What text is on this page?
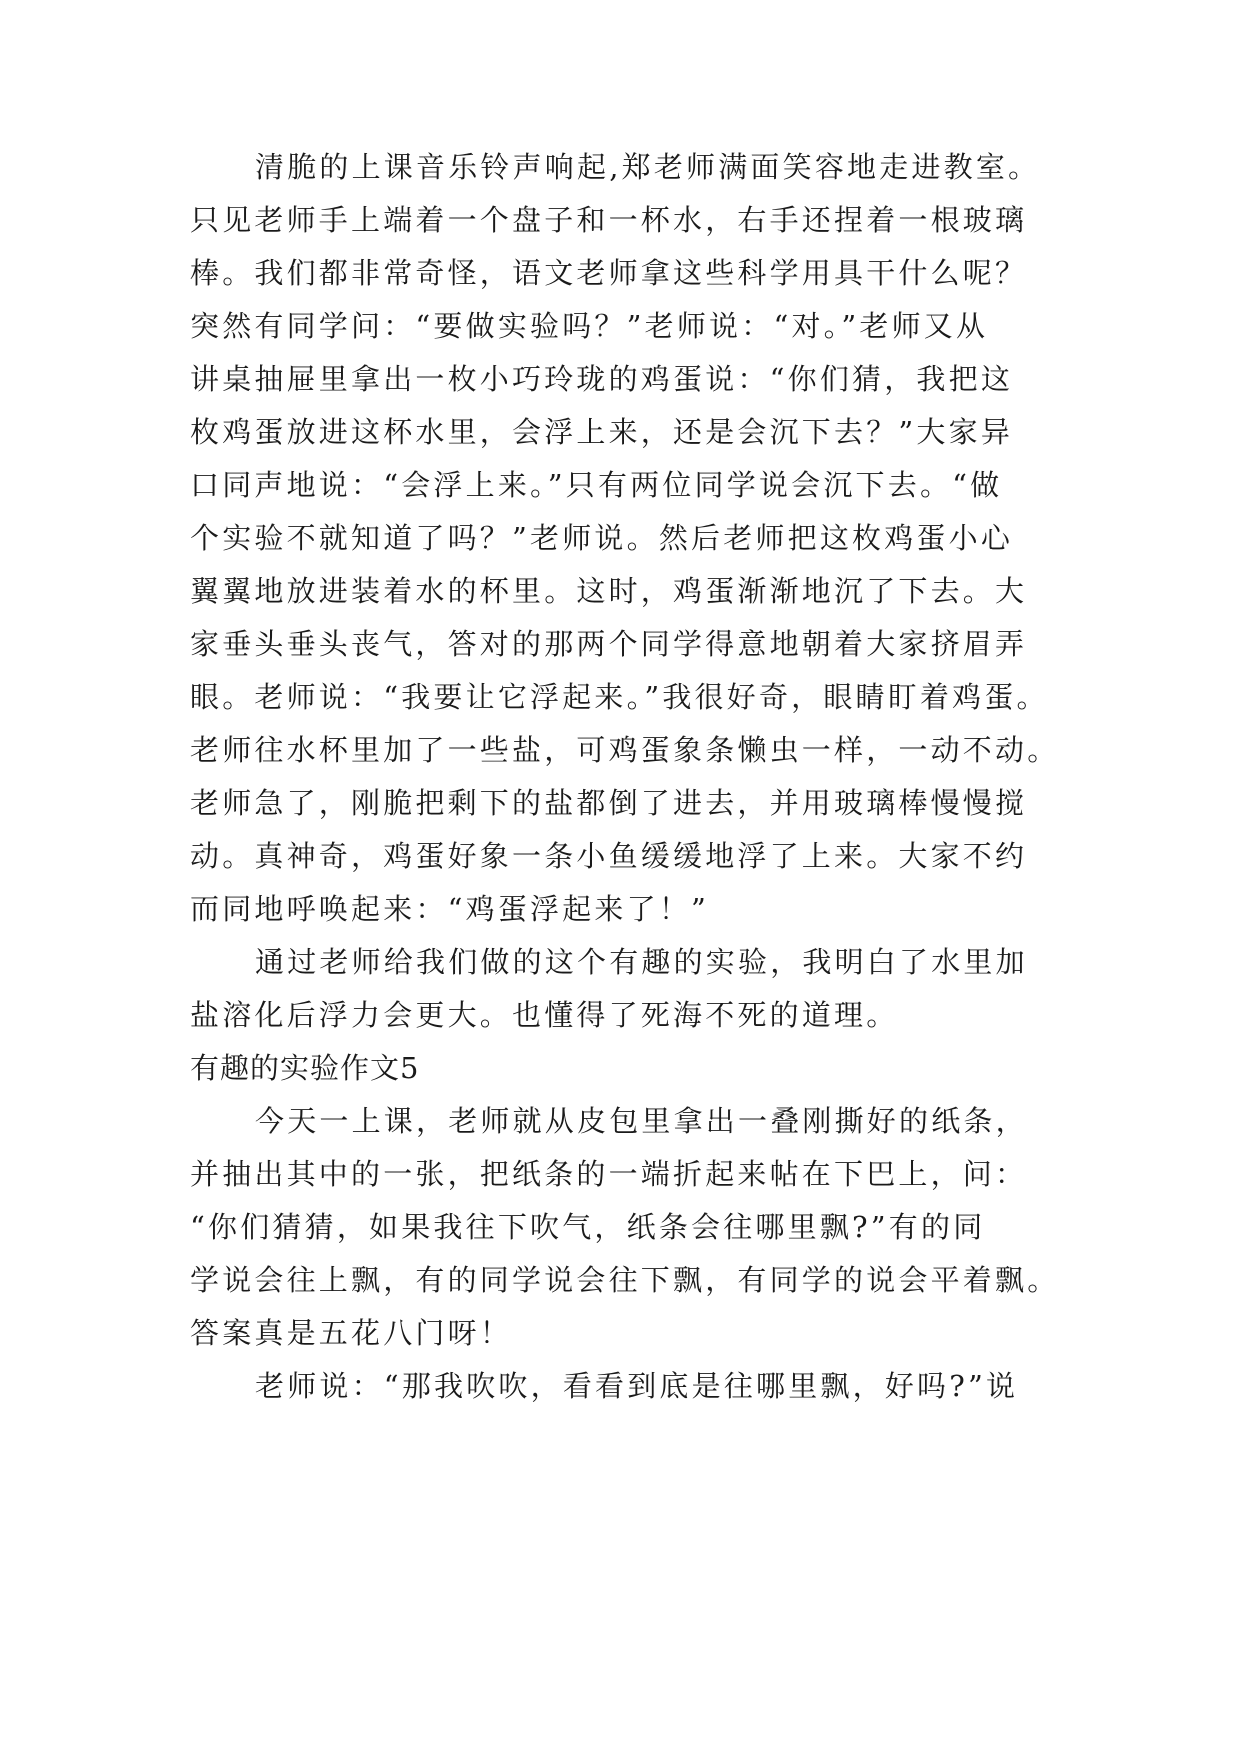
清脆的上课音乐铃声响起,郑老师满面笑容地走进教室。
只见老师手上端着一个盘子和一杯水，右手还捏着一根玻璃
棒。我们都非常奇怪，语文老师拿这些科学用具干什么呢？
突然有同学问：“要做实验吗？”老师说：“对。”老师又从
讲桌抽屉里拿出一枚小巧玲珑的鸡蛋说：“你们猜，我把这
枚鸡蛋放进这杯水里，会浮上来，还是会沉下去？”大家异
口同声地说：“会浮上来。”只有两位同学说会沉下去。“做
个实验不就知道了吗？”老师说。然后老师把这枚鸡蛋小心
翼翼地放进装着水的杯里。这时，鸡蛋渐渐地沉了下去。大
家垂头垂头丧气，答对的那两个同学得意地朝着大家挤眉弄
眼。老师说：“我要让它浮起来。”我很好奇，眼睛盯着鸡蛋。
老师往水杯里加了一些盐，可鸡蛋象条懒虫一样，一动不动。
老师急了，刚脆把剩下的盐都倒了进去，并用玻璃棒慢慢搅
动。真神奇，鸡蛋好象一条小鱼缓缓地浮了上来。大家不约
而同地呼唤起来：“鸡蛋浮起来了！”
通过老师给我们做的这个有趣的实验，我明白了水里加
盐溶化后浮力会更大。也懂得了死海不死的道理。
有趣的实验作文5
今天一上课，老师就从皮包里拿出一叠刚撕好的纸条，
并抽出其中的一张，把纸条的一端折起来帖在下巴上，问：
“你们猜猜，如果我往下吹气，纸条会往哪里飘?”有的同
学说会往上飘，有的同学说会往下飘，有同学的说会平着飘。
答案真是五花八门呀！
老师说：“那我吹吹，看看到底是往哪里飘，好吗?”说
